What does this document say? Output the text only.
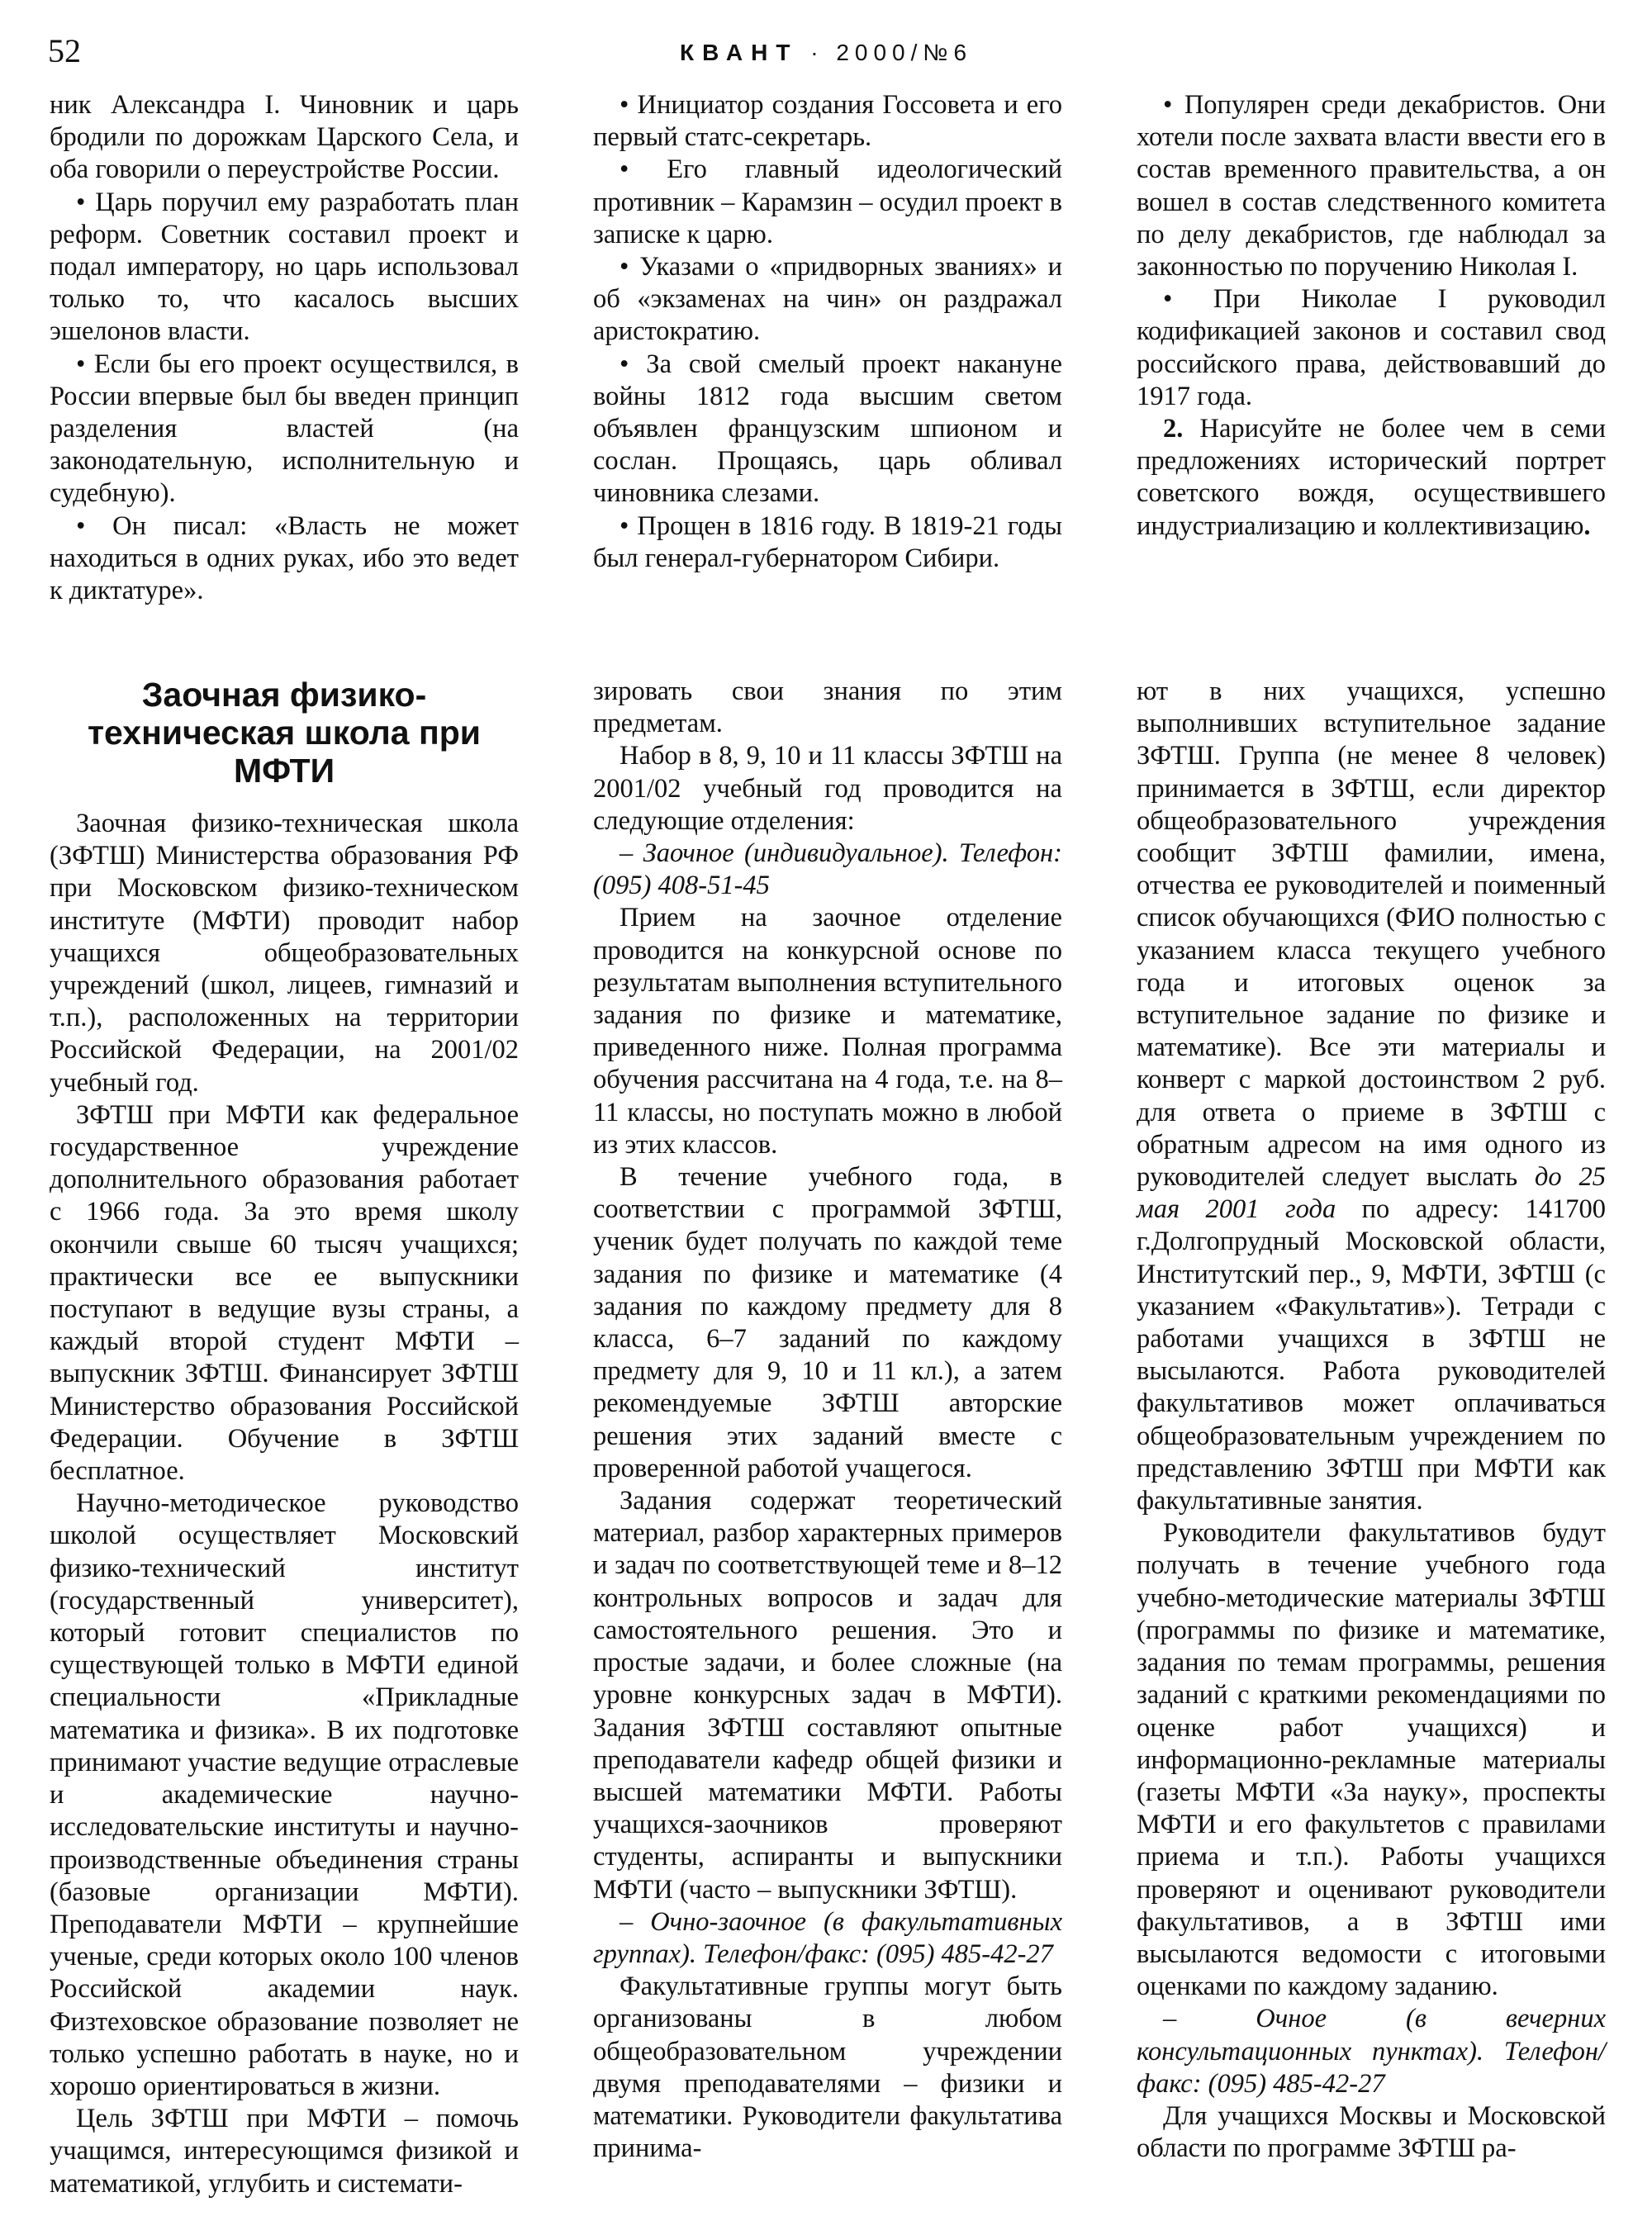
52	КВАНТ · 2000/№6

ник Александра I. Чиновник и царь бродили по дорожкам Царского Села, и оба говорили о переустройстве России.

• Царь поручил ему разработать план реформ. Советник составил проект и подал императору, но царь использовал только то, что касалось высших эшелонов власти.

• Если бы его проект осуществился, в России впервые был бы введен принцип разделения властей (на законодательную, исполнительную и судебную).

• Он писал: «Власть не может находиться в одних руках, ибо это ведет к диктатуре».

• Инициатор создания Госсовета и его первый статс-секретарь.

• Его главный идеологический противник – Карамзин – осудил проект в записке к царю.

• Указами о «придворных званиях» и об «экзаменах на чин» он раздражал аристократию.

• За свой смелый проект накануне войны 1812 года высшим светом объявлен французским шпионом и сослан. Прощаясь, царь обливал чиновника слезами.

• Прощен в 1816 году. В 1819-21 годы был генерал-губернатором Сибири.

• Популярен среди декабристов. Они хотели после захвата власти ввести его в состав временного правительства, а он вошел в состав следственного комитета по делу декабристов, где наблюдал за законностью по поручению Николая I.

• При Николае I руководил кодификацией законов и составил свод российского права, действовавший до 1917 года.

2. Нарисуйте не более чем в семи предложениях исторический портрет советского вождя, осуществившего индустриализацию и коллективизацию.

Заочная физико-техническая школа при МФТИ

Заочная физико-техническая школа (ЗФТШ) Министерства образования РФ при Московском физико-техническом институте (МФТИ) проводит набор учащихся общеобразовательных учреждений (школ, лицеев, гимназий и т.п.), расположенных на территории Российской Федерации, на 2001/02 учебный год.

ЗФТШ при МФТИ как федеральное государственное учреждение дополнительного образования работает с 1966 года. За это время школу окончили свыше 60 тысяч учащихся; практически все ее выпускники поступают в ведущие вузы страны, а каждый второй студент МФТИ – выпускник ЗФТШ. Финансирует ЗФТШ Министерство образования Российской Федерации. Обучение в ЗФТШ бесплатное.

Научно-методическое руководство школой осуществляет Московский физико-технический институт (государственный университет), который готовит специалистов по существующей только в МФТИ единой специальности «Прикладные математика и физика». В их подготовке принимают участие ведущие отраслевые и академические научно-исследовательские институты и научно-производственные объединения страны (базовые организации МФТИ). Преподаватели МФТИ – крупнейшие ученые, среди которых около 100 членов Российской академии наук. Физтеховское образование позволяет не только успешно работать в науке, но и хорошо ориентироваться в жизни.

Цель ЗФТШ при МФТИ – помочь учащимся, интересующимся физикой и математикой, углубить и системати-

зировать свои знания по этим предметам.

Набор в 8, 9, 10 и 11 классы ЗФТШ на 2001/02 учебный год проводится на следующие отделения:

– Заочное (индивидуальное). Телефон: (095) 408-51-45

Прием на заочное отделение проводится на конкурсной основе по результатам выполнения вступительного задания по физике и математике, приведенного ниже. Полная программа обучения рассчитана на 4 года, т.е. на 8–11 классы, но поступать можно в любой из этих классов.

В течение учебного года, в соответствии с программой ЗФТШ, ученик будет получать по каждой теме задания по физике и математике (4 задания по каждому предмету для 8 класса, 6–7 заданий по каждому предмету для 9, 10 и 11 кл.), а затем рекомендуемые ЗФТШ авторские решения этих заданий вместе с проверенной работой учащегося.

Задания содержат теоретический материал, разбор характерных примеров и задач по соответствующей теме и 8–12 контрольных вопросов и задач для самостоятельного решения. Это и простые задачи, и более сложные (на уровне конкурсных задач в МФТИ). Задания ЗФТШ составляют опытные преподаватели кафедр общей физики и высшей математики МФТИ. Работы учащихся-заочников проверяют студенты, аспиранты и выпускники МФТИ (часто – выпускники ЗФТШ).

– Очно-заочное (в факультативных группах). Телефон/факс: (095) 485-42-27

Факультативные группы могут быть организованы в любом общеобразовательном учреждении двумя преподавателями – физики и математики. Руководители факультатива принима-

ют в них учащихся, успешно выполнивших вступительное задание ЗФТШ. Группа (не менее 8 человек) принимается в ЗФТШ, если директор общеобразовательного учреждения сообщит ЗФТШ фамилии, имена, отчества ее руководителей и поименный список обучающихся (ФИО полностью с указанием класса текущего учебного года и итоговых оценок за вступительное задание по физике и математике). Все эти материалы и конверт с маркой достоинством 2 руб. для ответа о приеме в ЗФТШ с обратным адресом на имя одного из руководителей следует выслать до 25 мая 2001 года по адресу: 141700 г.Долгопрудный Московской области, Институтский пер., 9, МФТИ, ЗФТШ (с указанием «Факультатив»). Тетради с работами учащихся в ЗФТШ не высылаются. Работа руководителей факультативов может оплачиваться общеобразовательным учреждением по представлению ЗФТШ при МФТИ как факультативные занятия.

Руководители факультативов будут получать в течение учебного года учебно-методические материалы ЗФТШ (программы по физике и математике, задания по темам программы, решения заданий с краткими рекомендациями по оценке работ учащихся) и информационно-рекламные материалы (газеты МФТИ «За науку», проспекты МФТИ и его факультетов с правилами приема и т.п.). Работы учащихся проверяют и оценивают руководители факультативов, а в ЗФТШ ими высылаются ведомости с итоговыми оценками по каждому заданию.

– Очное (в вечерних консультационных пунктах). Телефон/факс: (095) 485-42-27

Для учащихся Москвы и Московской области по программе ЗФТШ ра-
